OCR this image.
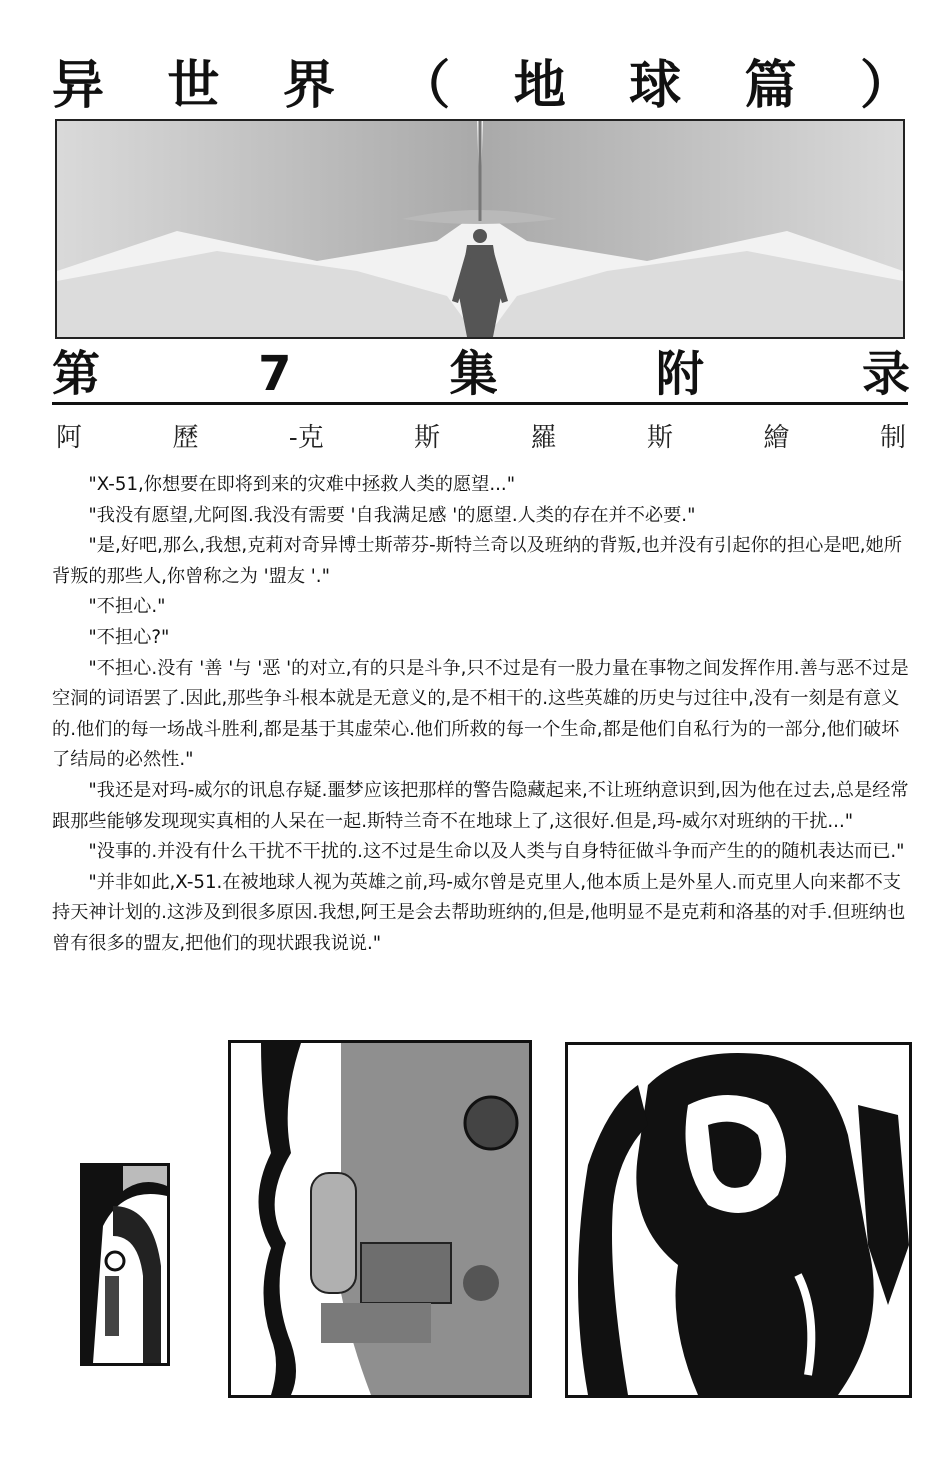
异 世 界 （ 地 球 篇 ）
第	7	集	附	录
阿	歷	-克	斯	羅	斯	繪	制

"X-51,你想要在即将到来的灾难中拯救人类的愿望..."

"我没有愿望,尤阿图.我没有需要 '自我满足感 '的愿望.人类的存在并不必要."

"是,好吧,那么,我想,克莉对奇异博士斯蒂芬-斯特兰奇以及班纳的背叛,也并没有引起你的担心是吧,她所背叛的那些人,你曾称之为 '盟友 '."

"不担心."

"不担心?"

"不担心.没有 '善 '与 '恶 '的对立,有的只是斗争,只不过是有一股力量在事物之间发挥作用.善与恶不过是空洞的词语罢了.因此,那些争斗根本就是无意义的,是不相干的.这些英雄的历史与过往中,没有一刻是有意义的.他们的每一场战斗胜利,都是基于其虚荣心.他们所救的每一个生命,都是他们自私行为的一部分,他们破坏了结局的必然性."

"我还是对玛-威尔的讯息存疑.噩梦应该把那样的警告隐藏起来,不让班纳意识到,因为他在过去,总是经常跟那些能够发现现实真相的人呆在一起.斯特兰奇不在地球上了,这很好.但是,玛-威尔对班纳的干扰..."

"没事的.并没有什么干扰不干扰的.这不过是生命以及人类与自身特征做斗争而产生的的随机表达而已."

"并非如此,X-51.在被地球人视为英雄之前,玛-威尔曾是克里人,他本质上是外星人.而克里人向来都不支持天神计划的.这涉及到很多原因.我想,阿王是会去帮助班纳的,但是,他明显不是克莉和洛基的对手.但班纳也曾有很多的盟友,把他们的现状跟我说说."
